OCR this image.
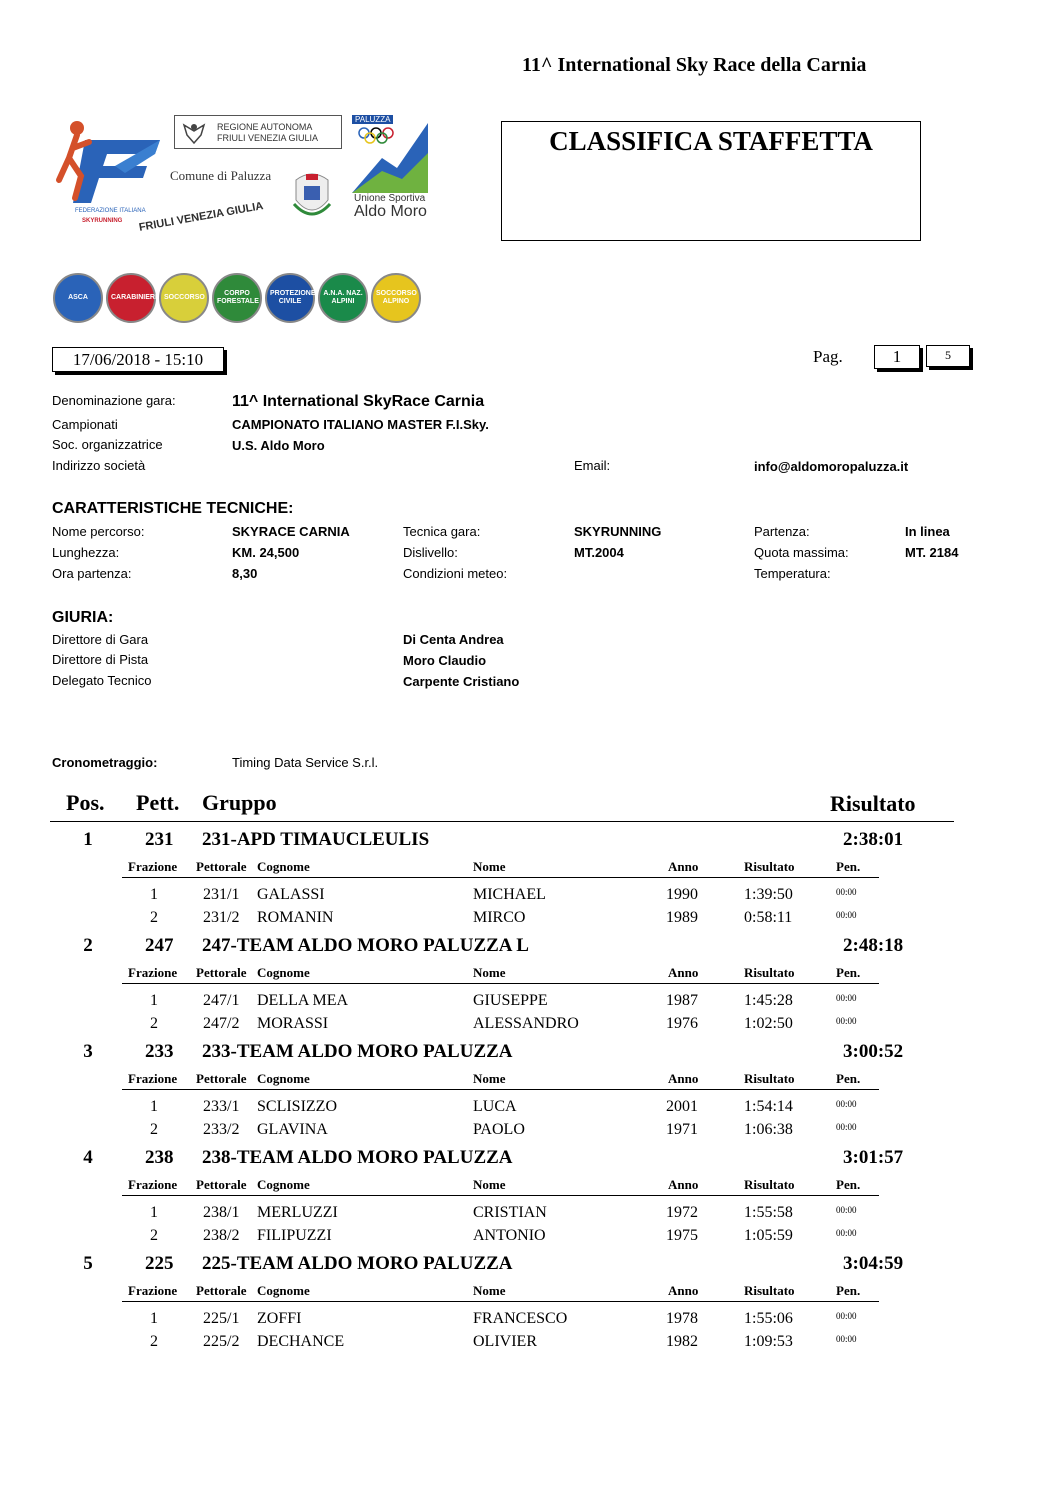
11^ International Sky Race della Carnia
FEDERAZIONE ITALIANA
SKYRUNNING
REGIONE AUTONOMA
FRIULI VENEZIA GIULIA
Comune di Paluzza
PALUZZA
Unione Sportiva
Aldo Moro
FRIULI VENEZIA GIULIA
ASCA	CARABINIERI SOCCORSO
CORPO FORESTALE
PROTEZIONE CIVILE
A.N.A. NAZ. ALPINI
SOCCORSO ALPINO
CLASSIFICA STAFFETTA
17/06/2018 - 15:10	Pag.	1	5
Denominazione gara:	11^ International SkyRace Carnia
Campionati	CAMPIONATO ITALIANO MASTER F.I.Sky.
Soc. organizzatrice	U.S. Aldo Moro
Indirizzo società	Email:	info@aldomoropaluzza.it
CARATTERISTICHE TECNICHE:
Nome percorso:	SKYRACE CARNIA	Tecnica gara:	SKYRUNNING	Partenza:	In linea
Lunghezza:	KM. 24,500	Dislivello:	MT.2004	Quota massima:	MT. 2184
Ora partenza:	8,30	Condizioni meteo:	Temperatura:
GIURIA:
Direttore di Gara	Di Centa Andrea
Direttore di Pista	Moro Claudio
Delegato Tecnico	Carpente Cristiano
Cronometraggio:	Timing Data Service S.r.l.
Pos. Pett. Gruppo	Risultato
1	231 231-APD TIMAUCLEULIS	2:38:01
Frazione Pettorale Cognome	Nome	Anno	Risultato	Pen.
1	231/1 GALASSI	MICHAEL	1990	1:39:50	00:00
2	231/2 ROMANIN	MIRCO	1989	0:58:11	00:00
2	247 247-TEAM ALDO MORO PALUZZA L	2:48:18
Frazione Pettorale Cognome	Nome	Anno	Risultato	Pen.
1	247/1 DELLA MEA	GIUSEPPE	1987	1:45:28	00:00
2	247/2 MORASSI	ALESSANDRO	1976	1:02:50	00:00
3	233 233-TEAM ALDO MORO PALUZZA	3:00:52
Frazione Pettorale Cognome	Nome	Anno	Risultato	Pen.
1	233/1 SCLISIZZO	LUCA	2001	1:54:14	00:00
2	233/2 GLAVINA	PAOLO	1971	1:06:38	00:00
4	238 238-TEAM ALDO MORO PALUZZA	3:01:57
Frazione Pettorale Cognome	Nome	Anno	Risultato	Pen.
1	238/1 MERLUZZI	CRISTIAN	1972	1:55:58	00:00
2	238/2 FILIPUZZI	ANTONIO	1975	1:05:59	00:00
5	225 225-TEAM ALDO MORO PALUZZA	3:04:59
Frazione Pettorale Cognome	Nome	Anno	Risultato	Pen.
1	225/1 ZOFFI	FRANCESCO	1978	1:55:06	00:00
2	225/2 DECHANCE	OLIVIER	1982	1:09:53	00:00
